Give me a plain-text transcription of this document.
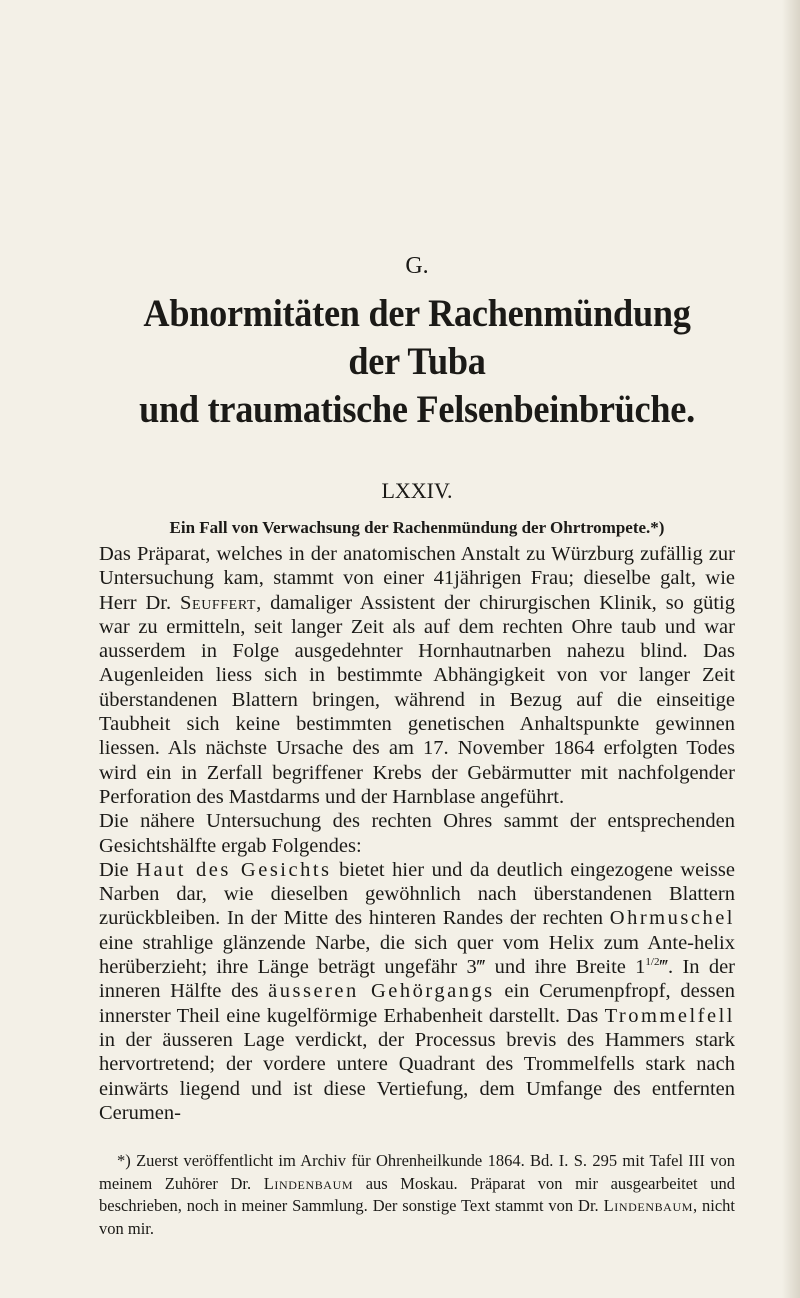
G.
Abnormitäten der Rachenmündung der Tuba
und traumatische Felsenbeinbrüche.
LXXIV.
Ein Fall von Verwachsung der Rachenmündung der Ohrtrompete.*)

Das Präparat, welches in der anatomischen Anstalt zu Würzburg zufällig zur Untersuchung kam, stammt von einer 41jährigen Frau; dieselbe galt, wie Herr Dr. Seuffert, damaliger Assistent der chirurgischen Klinik, so gütig war zu ermitteln, seit langer Zeit als auf dem rechten Ohre taub und war ausserdem in Folge ausgedehnter Hornhautnarben nahezu blind. Das Augenleiden liess sich in bestimmte Abhängigkeit von vor langer Zeit überstandenen Blattern bringen, während in Bezug auf die einseitige Taubheit sich keine bestimmten genetischen Anhaltspunkte gewinnen liessen. Als nächste Ursache des am 17. November 1864 erfolgten Todes wird ein in Zerfall begriffener Krebs der Gebärmutter mit nachfolgender Perforation des Mastdarms und der Harnblase angeführt.

Die nähere Untersuchung des rechten Ohres sammt der entsprechenden Gesichtshälfte ergab Folgendes:

Die Haut des Gesichts bietet hier und da deutlich eingezogene weisse Narben dar, wie dieselben gewöhnlich nach überstandenen Blattern zurückbleiben. In der Mitte des hinteren Randes der rechten Ohrmuschel eine strahlige glänzende Narbe, die sich quer vom Helix zum Ante-helix herüberzieht; ihre Länge beträgt ungefähr 3‴ und ihre Breite $1^{1/2}‴$. In der inneren Hälfte des äusseren Gehörgangs ein Cerumenpfropf, dessen innerster Theil eine kugelförmige Erhabenheit darstellt. Das Trommelfell in der äusseren Lage verdickt, der Processus brevis des Hammers stark hervortretend; der vordere untere Quadrant des Trommelfells stark nach einwärts liegend und ist diese Vertiefung, dem Umfange des entfernten Cerumen-

*) Zuerst veröffentlicht im Archiv für Ohrenheilkunde 1864. Bd. I. S. 295 mit Tafel III von meinem Zuhörer Dr. Lindenbaum aus Moskau. Präparat von mir ausgearbeitet und beschrieben, noch in meiner Sammlung. Der sonstige Text stammt von Dr. Lindenbaum, nicht von mir.
